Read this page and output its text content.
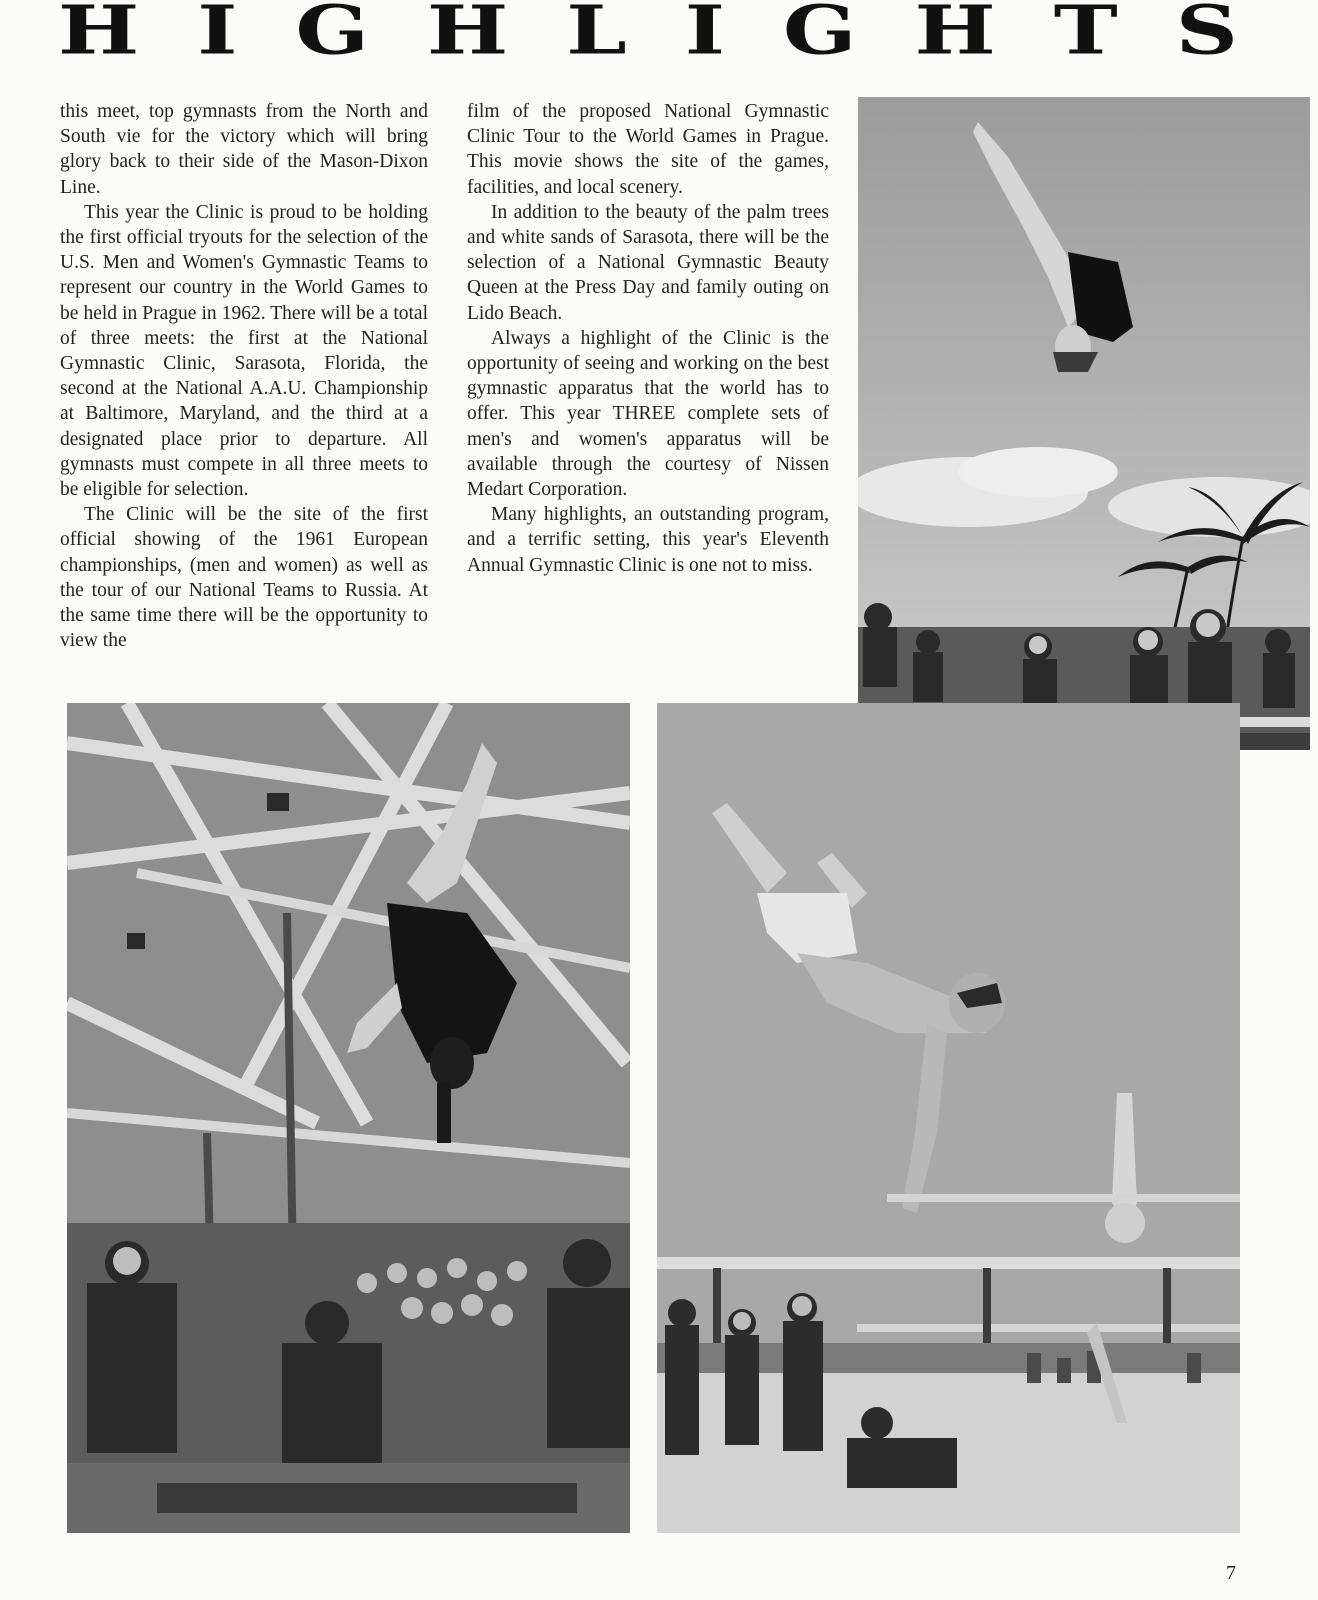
H I G H L I G H T S

this meet, top gymnasts from the North and South vie for the victory which will bring glory back to their side of the Mason-Dixon Line.

This year the Clinic is proud to be holding the first official tryouts for the selection of the U.S. Men and Women's Gymnastic Teams to represent our country in the World Games to be held in Prague in 1962. There will be a total of three meets: the first at the National Gymnastic Clinic, Sarasota, Florida, the second at the National A.A.U. Championship at Baltimore, Maryland, and the third at a designated place prior to departure. All gymnasts must compete in all three meets to be eligible for selection.

The Clinic will be the site of the first official showing of the 1961 European championships, (men and women) as well as the tour of our National Teams to Russia. At the same time there will be the opportunity to view the

film of the proposed National Gymnastic Clinic Tour to the World Games in Prague. This movie shows the site of the games, facilities, and local scenery.

In addition to the beauty of the palm trees and white sands of Sarasota, there will be the selection of a National Gymnastic Beauty Queen at the Press Day and family outing on Lido Beach.

Always a highlight of the Clinic is the opportunity of seeing and working on the best gymnastic apparatus that the world has to offer. This year THREE complete sets of men's and women's apparatus will be available through the courtesy of Nissen Medart Corporation.

Many highlights, an outstanding program, and a terrific setting, this year's Eleventh Annual Gymnastic Clinic is one not to miss.

7
